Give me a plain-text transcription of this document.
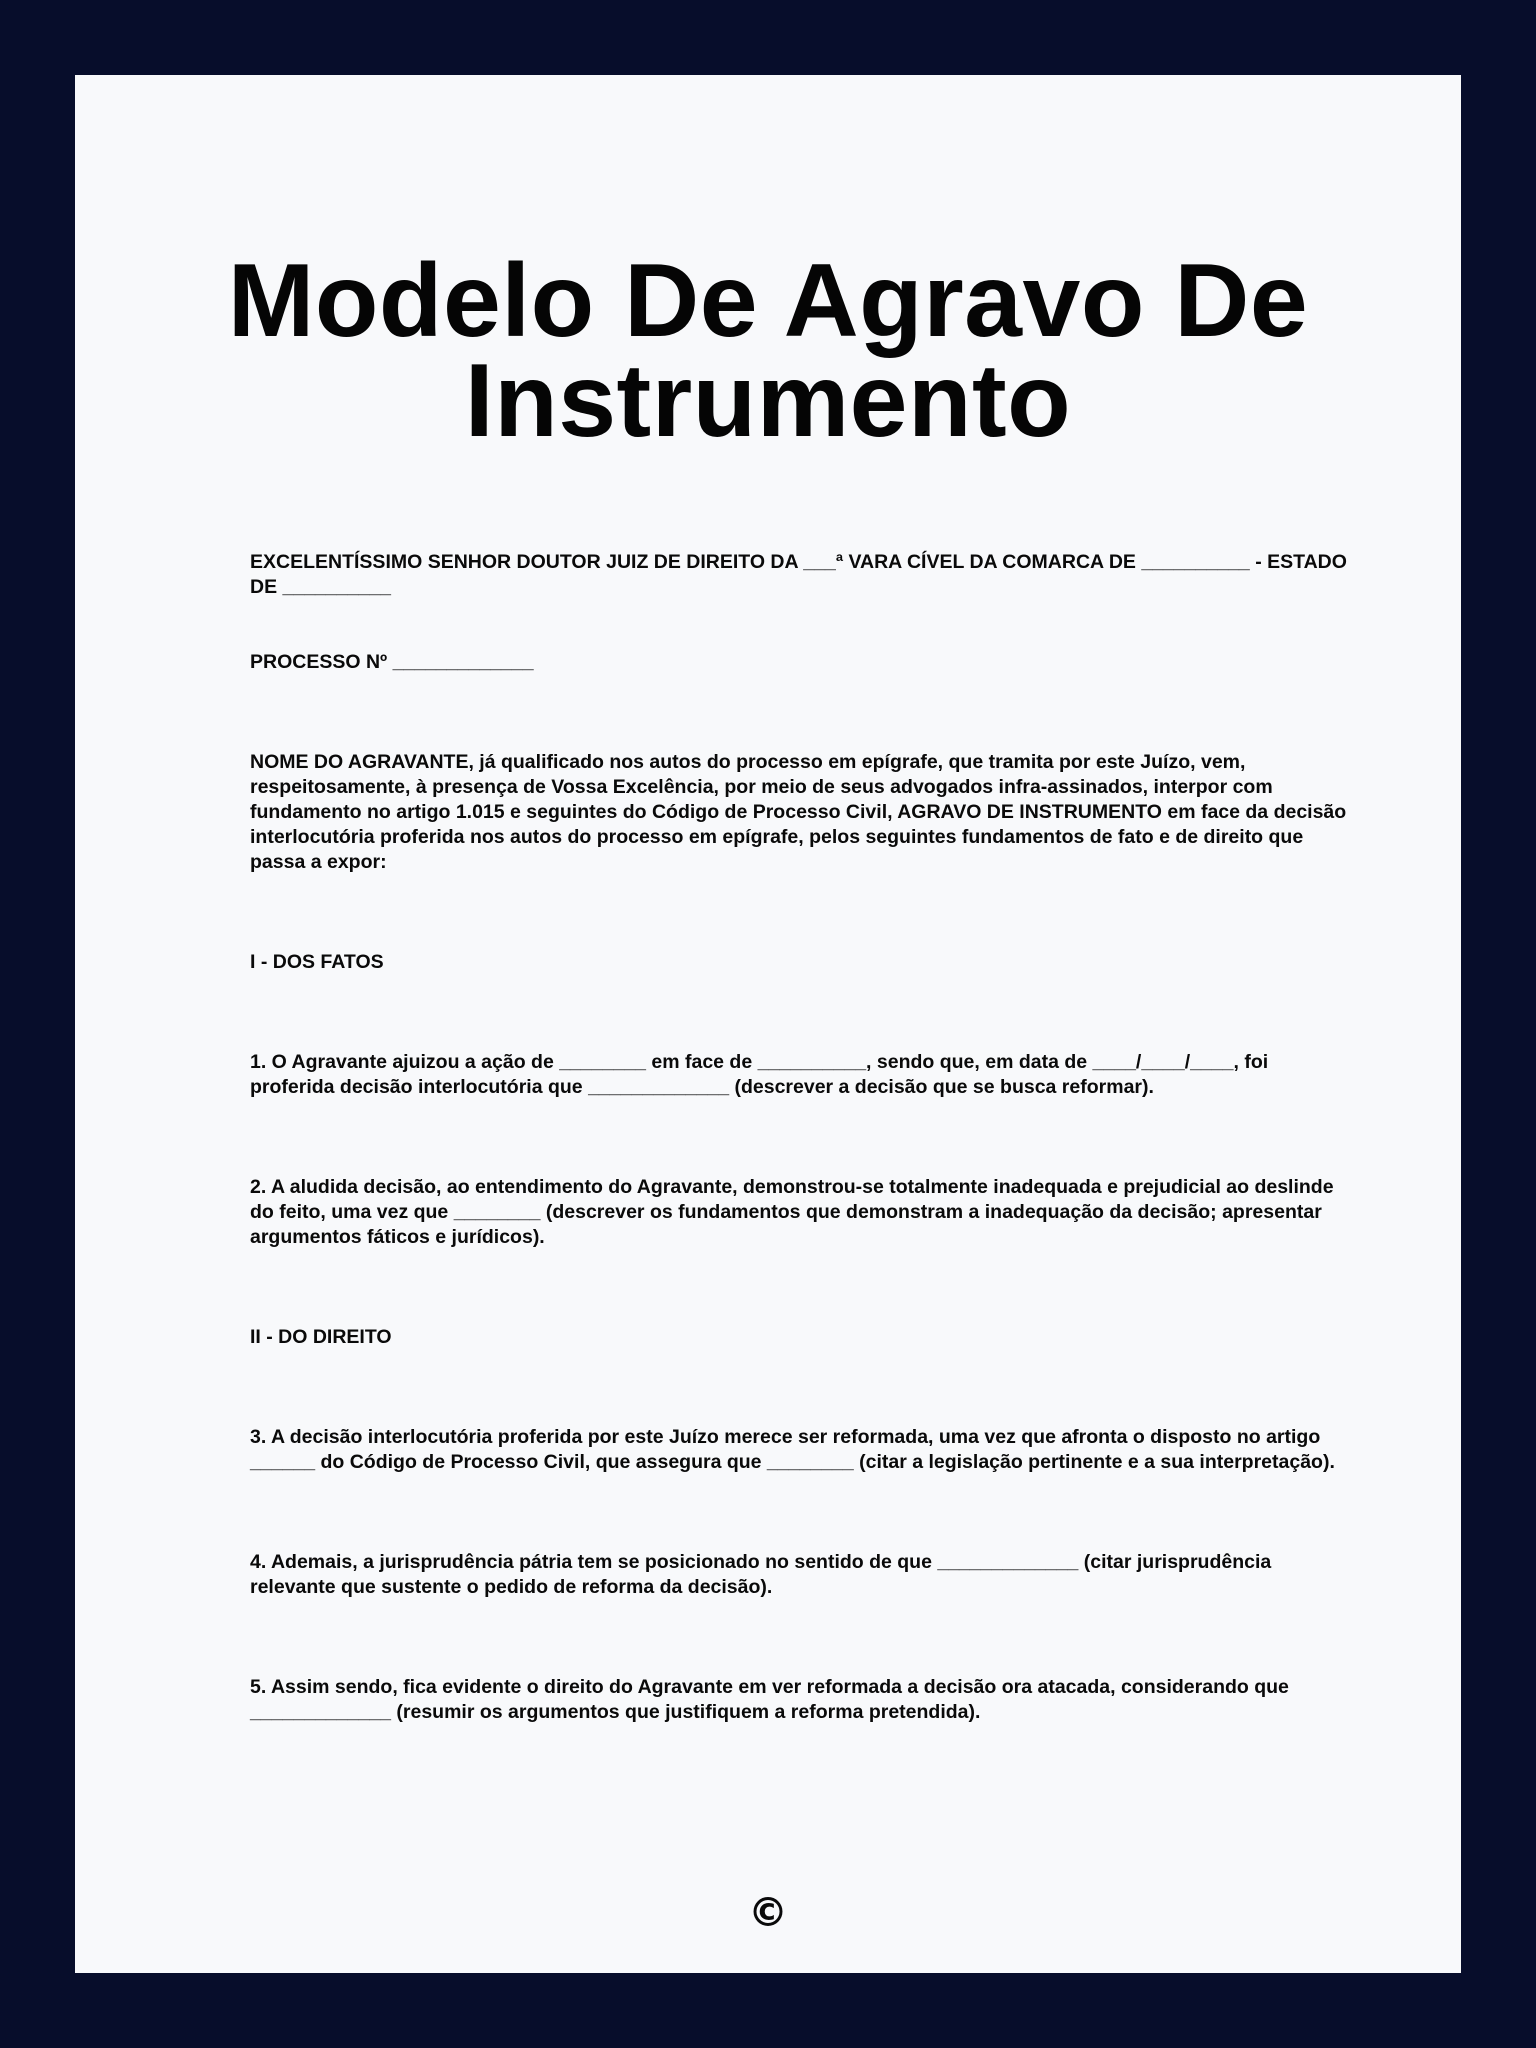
Modelo De Agravo De
Instrumento

EXCELENTÍSSIMO SENHOR DOUTOR JUIZ DE DIREITO DA ___ª VARA CÍVEL DA COMARCA DE __________ - ESTADO DE __________

PROCESSO Nº _____________

NOME DO AGRAVANTE, já qualificado nos autos do processo em epígrafe, que tramita por este Juízo, vem, respeitosamente, à presença de Vossa Excelência, por meio de seus advogados infra-assinados, interpor com fundamento no artigo 1.015 e seguintes do Código de Processo Civil, AGRAVO DE INSTRUMENTO em face da decisão interlocutória proferida nos autos do processo em epígrafe, pelos seguintes fundamentos de fato e de direito que passa a expor:

I - DOS FATOS

1. O Agravante ajuizou a ação de ________ em face de __________, sendo que, em data de ____/____/____, foi proferida decisão interlocutória que _____________ (descrever a decisão que se busca reformar).

2. A aludida decisão, ao entendimento do Agravante, demonstrou-se totalmente inadequada e prejudicial ao deslinde do feito, uma vez que ________ (descrever os fundamentos que demonstram a inadequação da decisão; apresentar argumentos fáticos e jurídicos).

II - DO DIREITO

3. A decisão interlocutória proferida por este Juízo merece ser reformada, uma vez que afronta o disposto no artigo ______ do Código de Processo Civil, que assegura que ________ (citar a legislação pertinente e a sua interpretação).

4. Ademais, a jurisprudência pátria tem se posicionado no sentido de que _____________ (citar jurisprudência relevante que sustente o pedido de reforma da decisão).

5. Assim sendo, fica evidente o direito do Agravante em ver reformada a decisão ora atacada, considerando que _____________ (resumir os argumentos que justifiquem a reforma pretendida).

©
